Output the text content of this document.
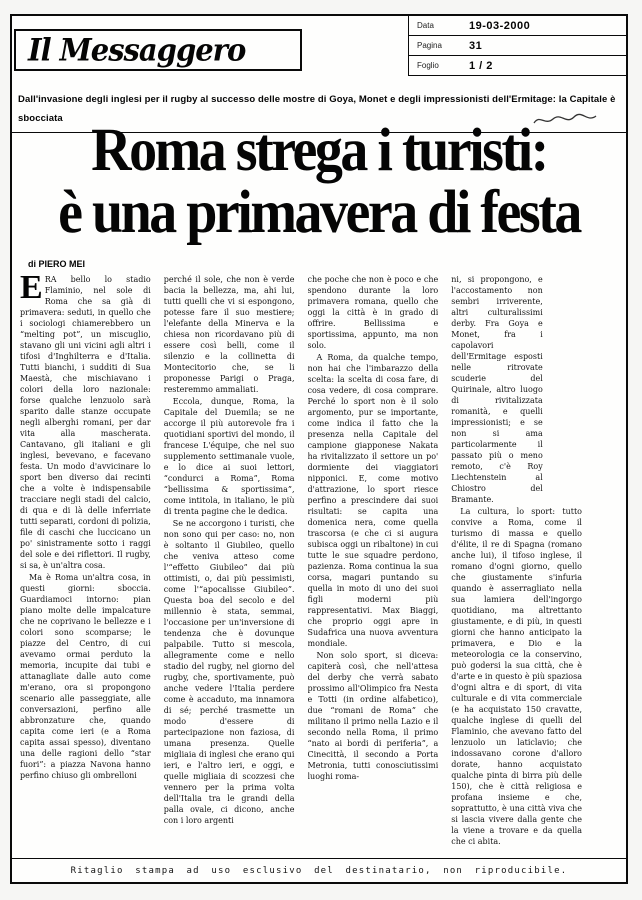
Il Messaggero
Data	19-03-2000
Pagina	31
Foglio	1 / 2
Dall'invasione degli inglesi per il rugby al successo delle mostre di Goya, Monet e degli impressionisti dell'Ermitage: la Capitale è sbocciata Roma strega i turisti:
è una primavera di festa
di PIERO MEI

ERA bello lo stadio Flaminio, nel sole di Roma che sa già di primavera: seduti, in quello che i sociologi chiamerebbero un “melting pot”, un miscuglio, stavano gli uni vicini agli altri i tifosi d'Inghilterra e d'Italia. Tutti bianchi, i sudditi di Sua Maestà, che mischiavano i colori della loro nazionale: forse qualche lenzuolo sarà sparito dalle stanze occupate negli alberghi romani, per dar vita alla mascherata. Cantavano, gli italiani e gli inglesi, bevevano, e facevano festa. Un modo d'avvicinare lo sport ben diverso dai recinti che a volte è indispensabile tracciare negli stadi del calcio, di qua e di là delle inferriate tutti separati, cordoni di polizia, file di caschi che luccicano un po' sinistramente sotto i raggi del sole e dei riflettori. Il rugby, si sa, è un'altra cosa.

Ma è Roma un'altra cosa, in questi giorni: sboccia. Guardiamoci intorno: pian piano molte delle impalcature che ne coprivano le bellezze e i colori sono scomparse; le piazze del Centro, di cui avevamo ormai perduto la memoria, incupite dai tubi e attanagliate dalle auto come m'erano, ora si propongono scenario alle passeggiate, alle conversazioni, perfino alle abbronzature che, quando capita come ieri (e a Roma capita assai spesso), diventano una delle ragioni dello “star fuori”: a piazza Navona hanno perfino chiuso gli ombrelloni

perché il sole, che non è verde bacia la bellezza, ma, ahi lui, tutti quelli che vi si espongono, potesse fare il suo mestiere; l'elefante della Minerva e la chiesa non ricordavano più di essere così belli, come il silenzio e la collinetta di Montecitorio che, se li proponesse Parigi o Praga, resteremmo ammaliati.

Eccola, dunque, Roma, la Capitale del Duemila; se ne accorge il più autorevole fra i quotidiani sportivi del mondo, il francese L'équipe, che nel suo supplemento settimanale vuole, e lo dice ai suoi lettori, “condurci a Roma”, Roma “bellissima & sportissima”, come intitola, in italiano, le più di trenta pagine che le dedica.

Se ne accorgono i turisti, che non sono qui per caso: no, non è soltanto il Giubileo, quello che veniva atteso come l'“effetto Giubileo” dai più ottimisti, o, dai più pessimisti, come l'“apocalisse Giubileo”. Questa boa del secolo e del millennio è stata, semmai, l'occasione per un'inversione di tendenza che è dovunque palpabile. Tutto si mescola, allegramente come e nello stadio del rugby, nel giorno del rugby, che, sportivamente, può anche vedere l'Italia perdere come è accaduto, ma innamora di sé; perché trasmette un modo d'essere di partecipazione non faziosa, di umana presenza. Quelle migliaia di inglesi che erano qui ieri, e l'altro ieri, e oggi, e quelle migliaia di scozzesi che vennero per la prima volta dell'Italia tra le grandi della palla ovale, ci dicono, anche con i loro argenti

che poche che non è poco e che spendono durante la loro primavera romana, quello che oggi la città è in grado di offrire. Bellissima e sportissima, appunto, ma non solo.

A Roma, da qualche tempo, non hai che l'imbarazzo della scelta: la scelta di cosa fare, di cosa vedere, di cosa comprare. Perché lo sport non è il solo argomento, pur se importante, come indica il fatto che la presenza nella Capitale del campione giapponese Nakata ha rivitalizzato il settore un po' dormiente dei viaggiatori nipponici. E, come motivo d'attrazione, lo sport riesce perfino a prescindere dai suoi risultati: se capita una domenica nera, come quella trascorsa (e che ci si augura subisca oggi un ribaltone) in cui tutte le sue squadre perdono, pazienza. Roma continua la sua corsa, magari puntando su quella in moto di uno dei suoi figli moderni più rappresentativi. Max Biaggi, che proprio oggi apre in Sudafrica una nuova avventura mondiale.

Non solo sport, si diceva: capiterà così, che nell'attesa del derby che verrà sabato prossimo all'Olimpico fra Nesta e Totti (in ordine alfabetico), due “romani de Roma” che militano il primo nella Lazio e il secondo nella Roma, il primo “nato ai bordi di periferia”, a Cinecittà, il secondo a Porta Metronia, tutti conosciutissimi luoghi roma-

ni, si propongono, e l'accostamento non sembri irriverente, altri culturalissimi derby. Fra Goya e Monet, fra i capolavori dell'Ermitage esposti nelle ritrovate scuderie del Quirinale, altro luogo di rivitalizzata romanità, e quelli impressionisti; e se non si ama particolarmente il passato più o meno remoto, c'è Roy Liechtenstein al Chiostro del Bramante.

La cultura, lo sport: tutto convive a Roma, come il turismo di massa e quello d'élite, il re di Spagna (romano anche lui), il tifoso inglese, il romano d'ogni giorno, quello che giustamente s'infuria quando è asserragliato nella sua lamiera dell'ingorgo quotidiano, ma altrettanto giustamente, e di più, in questi giorni che hanno anticipato la primavera, e Dio e la meteorologia ce la conservino, può godersi la sua città, che è d'arte e in questo è più spaziosa d'ogni altra e di sport, di vita culturale e di vita commerciale (e ha acquistato 150 cravatte, qualche inglese di quelli del Flaminio, che avevano fatto del lenzuolo un laticlavio; che indossavano corone d'alloro dorate, hanno acquistato qualche pinta di birra più delle 150), che è città religiosa e profana insieme e che, soprattutto, è una città viva che si lascia vivere dalla gente che la viene a trovare e da quella che ci abita.

Ritaglio stampa ad uso esclusivo del destinatario, non riproducibile.
